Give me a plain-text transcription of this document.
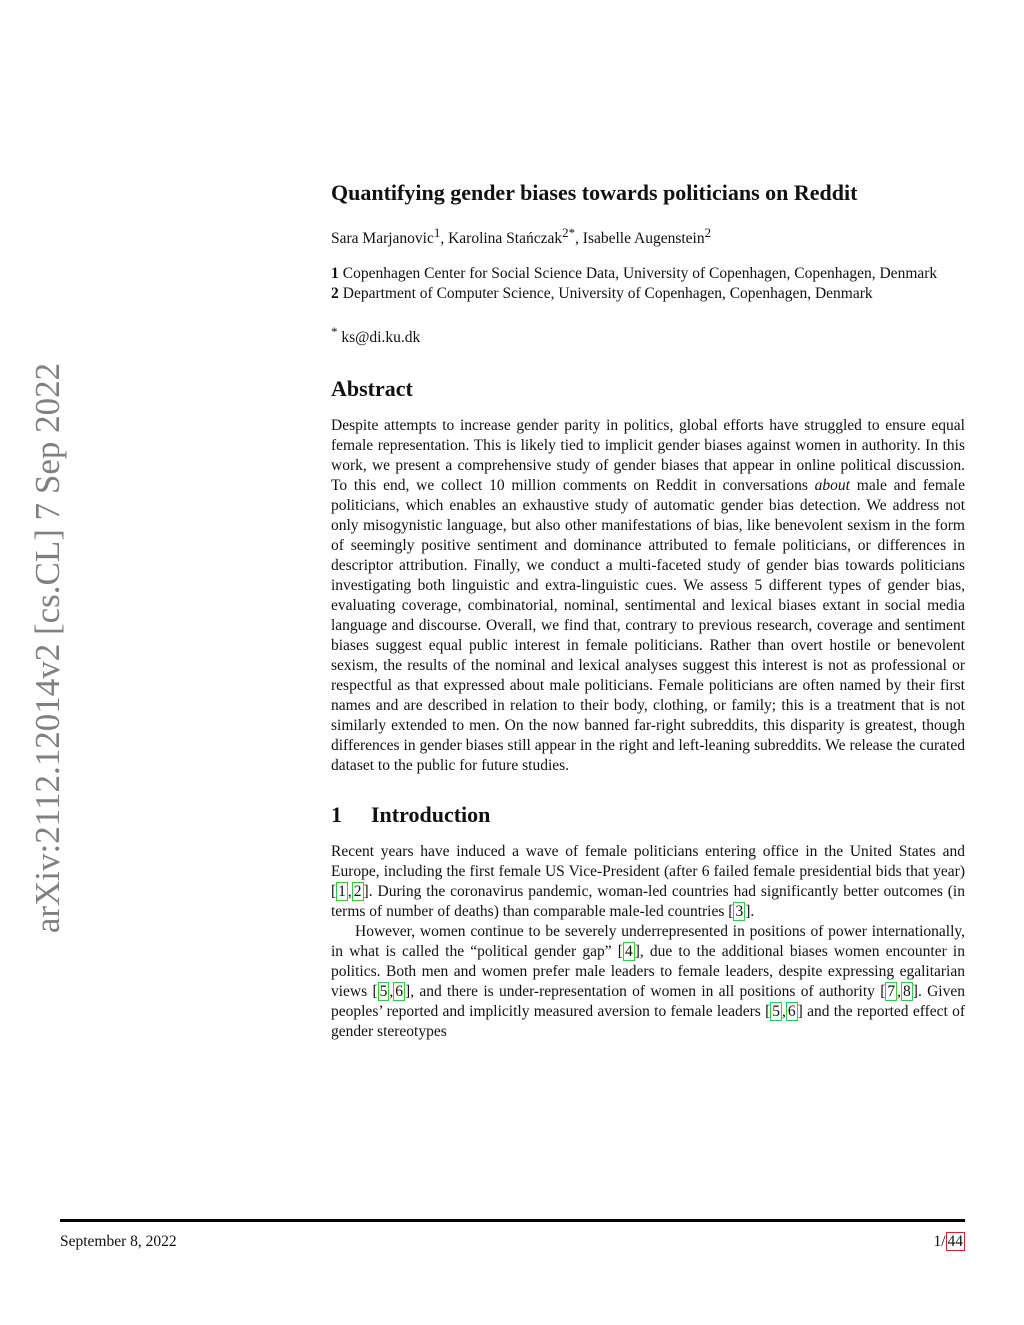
arXiv:2112.12014v2 [cs.CL] 7 Sep 2022
Quantifying gender biases towards politicians on Reddit
Sara Marjanovic$^1$, Karolina Stańczak$^{2*}$, Isabelle Augenstein$^2$
1 Copenhagen Center for Social Science Data, University of Copenhagen, Copenhagen, Denmark
2 Department of Computer Science, University of Copenhagen, Copenhagen, Denmark
* ks@di.ku.dk
Abstract

Despite attempts to increase gender parity in politics, global efforts have struggled to ensure equal female representation. This is likely tied to implicit gender biases against women in authority. In this work, we present a comprehensive study of gender biases that appear in online political discussion. To this end, we collect 10 million comments on Reddit in conversations about male and female politicians, which enables an exhaustive study of automatic gender bias detection. We address not only misogynistic language, but also other manifestations of bias, like benevolent sexism in the form of seemingly positive sentiment and dominance attributed to female politicians, or differences in descriptor attribution. Finally, we conduct a multi-faceted study of gender bias towards politicians investigating both linguistic and extra-linguistic cues. We assess 5 different types of gender bias, evaluating coverage, combinatorial, nominal, sentimental and lexical biases extant in social media language and discourse. Overall, we find that, contrary to previous research, coverage and sentiment biases suggest equal public interest in female politicians. Rather than overt hostile or benevolent sexism, the results of the nominal and lexical analyses suggest this interest is not as professional or respectful as that expressed about male politicians. Female politicians are often named by their first names and are described in relation to their body, clothing, or family; this is a treatment that is not similarly extended to men. On the now banned far-right subreddits, this disparity is greatest, though differences in gender biases still appear in the right and left-leaning subreddits. We release the curated dataset to the public for future studies.

1 Introduction

Recent years have induced a wave of female politicians entering office in the United States and Europe, including the first female US Vice-President (after 6 failed female presidential bids that year) [ 1 , 2 ]. During the coronavirus pandemic, woman-led countries had significantly better outcomes (in terms of number of deaths) than comparable male-led countries [ 3 ].

However, women continue to be severely underrepresented in positions of power internationally, in what is called the “political gender gap” [ 4 ], due to the additional biases women encounter in politics. Both men and women prefer male leaders to female leaders, despite expressing egalitarian views [ 5 , 6 ], and there is under-representation of women in all positions of authority [ 7 , 8 ]. Given peoples’ reported and implicitly measured aversion to female leaders [ 5 , 6 ] and the reported effect of gender stereotypes

September 8, 2022	1/ 44
